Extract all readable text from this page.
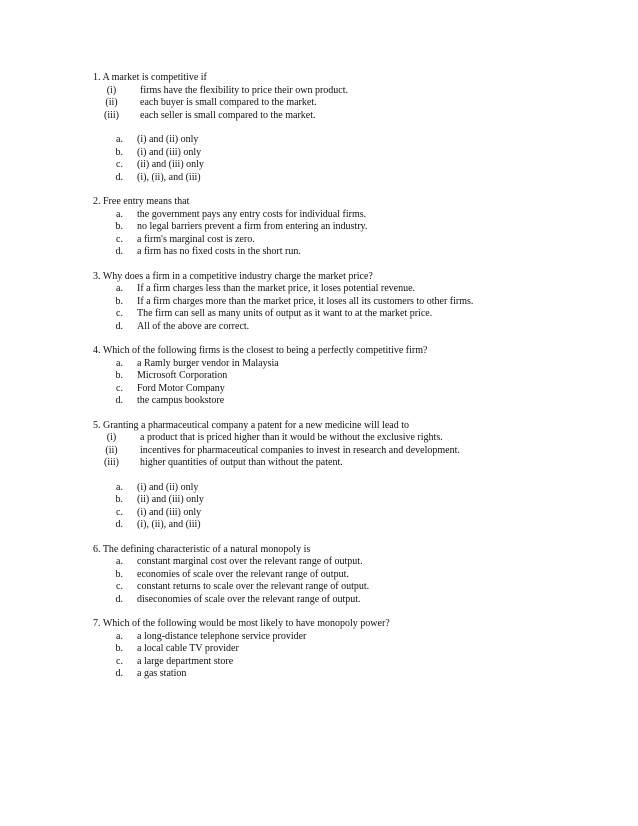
1. A market is competitive if
(i)	firms have the flexibility to price their own product.
(ii)	each buyer is small compared to the market.
(iii)	each seller is small compared to the market.
a.	(i) and (ii) only
b.	(i) and (iii) only
c.	(ii) and (iii) only
d.	(i), (ii), and (iii)
2. Free entry means that
a.	the government pays any entry costs for individual firms.
b.	no legal barriers prevent a firm from entering an industry.
c.	a firm's marginal cost is zero.
d.	a firm has no fixed costs in the short run.
3. Why does a firm in a competitive industry charge the market price?
a.	If a firm charges less than the market price, it loses potential revenue.
b.	If a firm charges more than the market price, it loses all its customers to other firms.
c.	The firm can sell as many units of output as it want to at the market price.
d.	All of the above are correct.
4. Which of the following firms is the closest to being a perfectly competitive firm?
a.	a Ramly burger vendor in Malaysia
b.	Microsoft Corporation
c.	Ford Motor Company
d.	the campus bookstore
5. Granting a pharmaceutical company a patent for a new medicine will lead to
(i)	a product that is priced higher than it would be without the exclusive rights.
(ii)	incentives for pharmaceutical companies to invest in research and development.
(iii)	higher quantities of output than without the patent.
a.	(i) and (ii) only
b.	(ii) and (iii) only
c.	(i) and (iii) only
d.	(i), (ii), and (iii)
6. The defining characteristic of a natural monopoly is
a.	constant marginal cost over the relevant range of output.
b.	economies of scale over the relevant range of output.
c.	constant returns to scale over the relevant range of output.
d.	diseconomies of scale over the relevant range of output.
7. Which of the following would be most likely to have monopoly power?
a.	a long-distance telephone service provider
b.	a local cable TV provider
c.	a large department store
d.	a gas station
